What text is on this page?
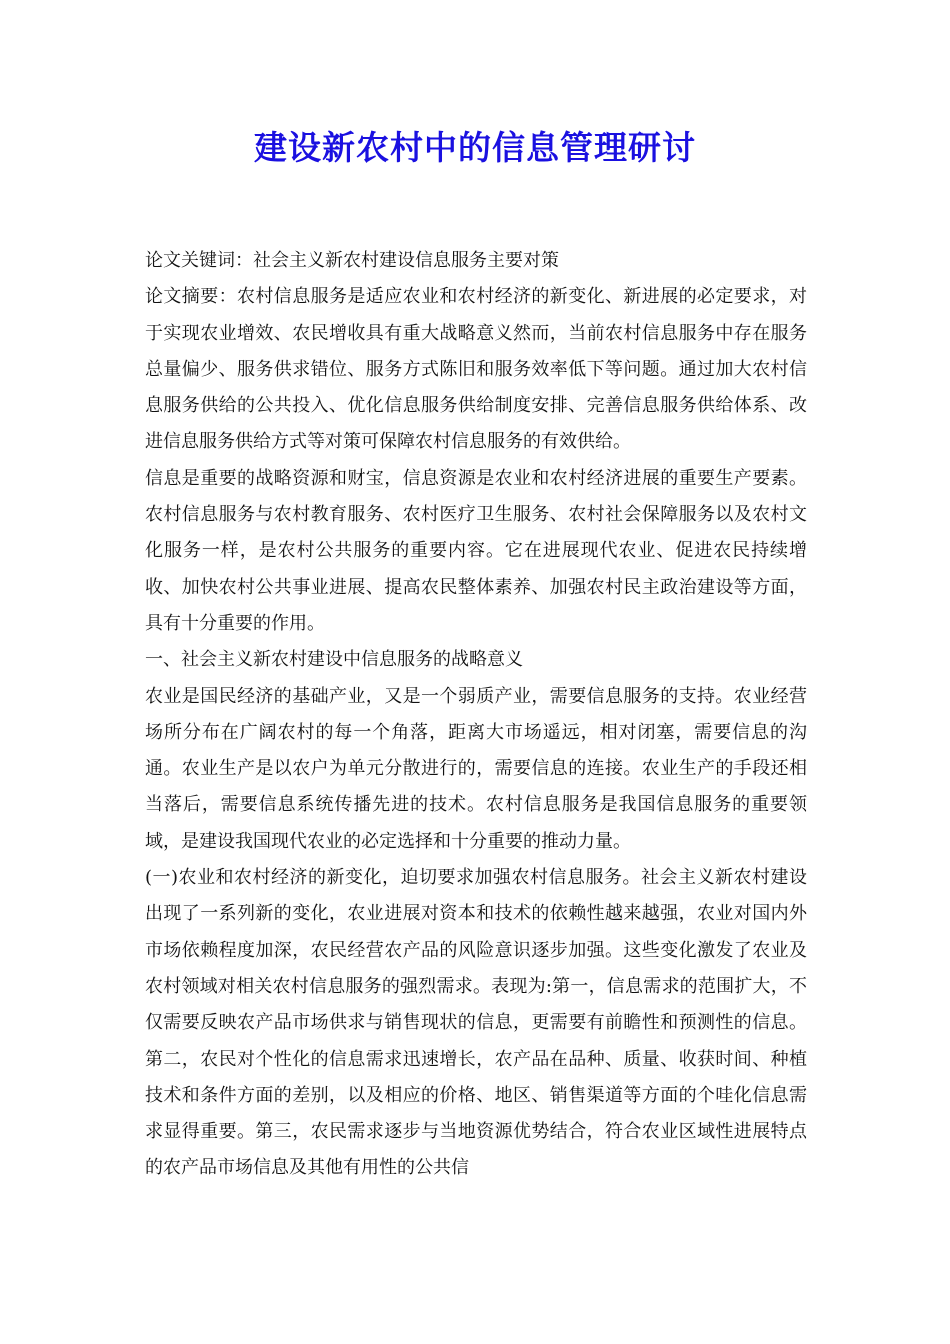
建设新农村中的信息管理研讨

论文关键词：社会主义新农村建设信息服务主要对策

论文摘要：农村信息服务是适应农业和农村经济的新变化、新进展的必定要求，对于实现农业增效、农民增收具有重大战略意义然而，当前农村信息服务中存在服务总量偏少、服务供求错位、服务方式陈旧和服务效率低下等问题。通过加大农村信息服务供给的公共投入、优化信息服务供给制度安排、完善信息服务供给体系、改进信息服务供给方式等对策可保障农村信息服务的有效供给。

信息是重要的战略资源和财宝，信息资源是农业和农村经济进展的重要生产要素。农村信息服务与农村教育服务、农村医疗卫生服务、农村社会保障服务以及农村文化服务一样，是农村公共服务的重要内容。它在进展现代农业、促进农民持续增收、加快农村公共事业进展、提高农民整体素养、加强农村民主政治建设等方面，具有十分重要的作用。

一、社会主义新农村建设中信息服务的战略意义

农业是国民经济的基础产业，又是一个弱质产业，需要信息服务的支持。农业经营场所分布在广阔农村的每一个角落，距离大市场遥远，相对闭塞，需要信息的沟通。农业生产是以农户为单元分散进行的，需要信息的连接。农业生产的手段还相当落后，需要信息系统传播先进的技术。农村信息服务是我国信息服务的重要领域，是建设我国现代农业的必定选择和十分重要的推动力量。

(一)农业和农村经济的新变化，迫切要求加强农村信息服务。社会主义新农村建设出现了一系列新的变化，农业进展对资本和技术的依赖性越来越强，农业对国内外市场依赖程度加深，农民经营农产品的风险意识逐步加强。这些变化激发了农业及农村领域对相关农村信息服务的强烈需求。表现为:第一，信息需求的范围扩大，不仅需要反映农产品市场供求与销售现状的信息，更需要有前瞻性和预测性的信息。第二，农民对个性化的信息需求迅速增长，农产品在品种、质量、收获时间、种植技术和条件方面的差别，以及相应的价格、地区、销售渠道等方面的个哇化信息需求显得重要。第三，农民需求逐步与当地资源优势结合，符合农业区域性进展特点的农产品市场信息及其他有用性的公共信
